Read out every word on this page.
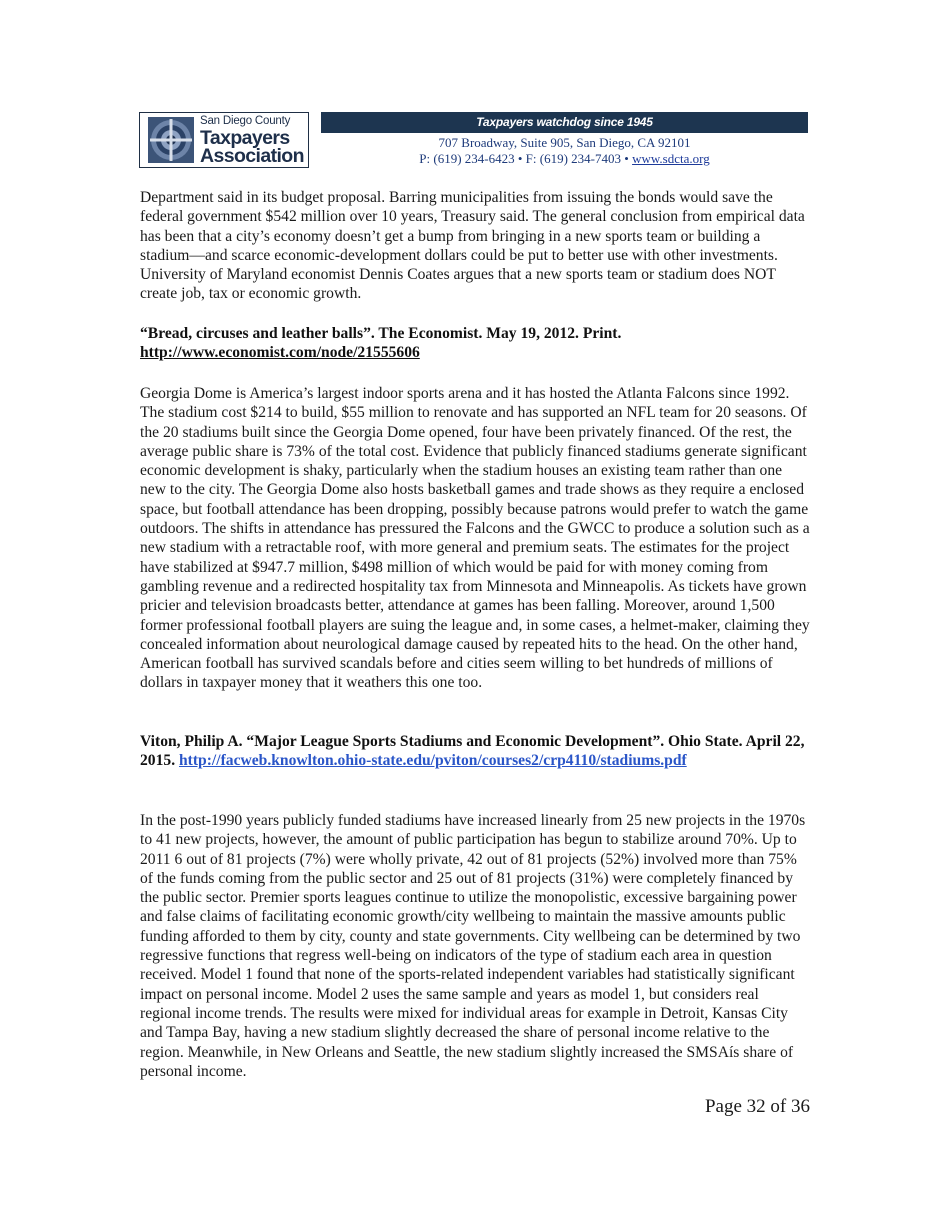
San Diego County
Taxpayers
Association
Taxpayers watchdog since 1945
707 Broadway, Suite 905, San Diego, CA 92101
P: (619) 234-6423 • F: (619) 234-7403 • www.sdcta.org

Department said in its budget proposal. Barring municipalities from issuing the bonds would save the federal government $542 million over 10 years, Treasury said. The general conclusion from empirical data has been that a city’s economy doesn’t get a bump from bringing in a new sports team or building a stadium—and scarce economic-development dollars could be put to better use with other investments. University of Maryland economist Dennis Coates argues that a new sports team or stadium does NOT create job, tax or economic growth.

“Bread, circuses and leather balls”. The Economist. May 19, 2012. Print.
http://www.economist.com/node/21555606

Georgia Dome is America’s largest indoor sports arena and it has hosted the Atlanta Falcons since 1992. The stadium cost $214 to build, $55 million to renovate and has supported an NFL team for 20 seasons. Of the 20 stadiums built since the Georgia Dome opened, four have been privately financed. Of the rest, the average public share is 73% of the total cost. Evidence that publicly financed stadiums generate significant economic development is shaky, particularly when the stadium houses an existing team rather than one new to the city. The Georgia Dome also hosts basketball games and trade shows as they require a enclosed space, but football attendance has been dropping, possibly because patrons would prefer to watch the game outdoors. The shifts in attendance has pressured the Falcons and the GWCC to produce a solution such as a new stadium with a retractable roof, with more general and premium seats. The estimates for the project have stabilized at $947.7 million, $498 million of which would be paid for with money coming from gambling revenue and a redirected hospitality tax from Minnesota and Minneapolis. As tickets have grown pricier and television broadcasts better, attendance at games has been falling. Moreover, around 1,500 former professional football players are suing the league and, in some cases, a helmet-maker, claiming they concealed information about neurological damage caused by repeated hits to the head. On the other hand, American football has survived scandals before and cities seem willing to bet hundreds of millions of dollars in taxpayer money that it weathers this one too.

Viton, Philip A. “Major League Sports Stadiums and Economic Development”. Ohio State. April 22, 2015. http://facweb.knowlton.ohio-state.edu/pviton/courses2/crp4110/stadiums.pdf

In the post-1990 years publicly funded stadiums have increased linearly from 25 new projects in the 1970s to 41 new projects, however, the amount of public participation has begun to stabilize around 70%. Up to 2011 6 out of 81 projects (7%) were wholly private, 42 out of 81 projects (52%) involved more than 75% of the funds coming from the public sector and 25 out of 81 projects (31%) were completely financed by the public sector. Premier sports leagues continue to utilize the monopolistic, excessive bargaining power and false claims of facilitating economic growth/city wellbeing to maintain the massive amounts public funding afforded to them by city, county and state governments. City wellbeing can be determined by two regressive functions that regress well-being on indicators of the type of stadium each area in question received. Model 1 found that none of the sports-related independent variables had statistically significant impact on personal income. Model 2 uses the same sample and years as model 1, but considers real regional income trends. The results were mixed for individual areas for example in Detroit, Kansas City and Tampa Bay, having a new stadium slightly decreased the share of personal income relative to the region. Meanwhile, in New Orleans and Seattle, the new stadium slightly increased the SMSAís share of personal income.

Page 32 of 36
